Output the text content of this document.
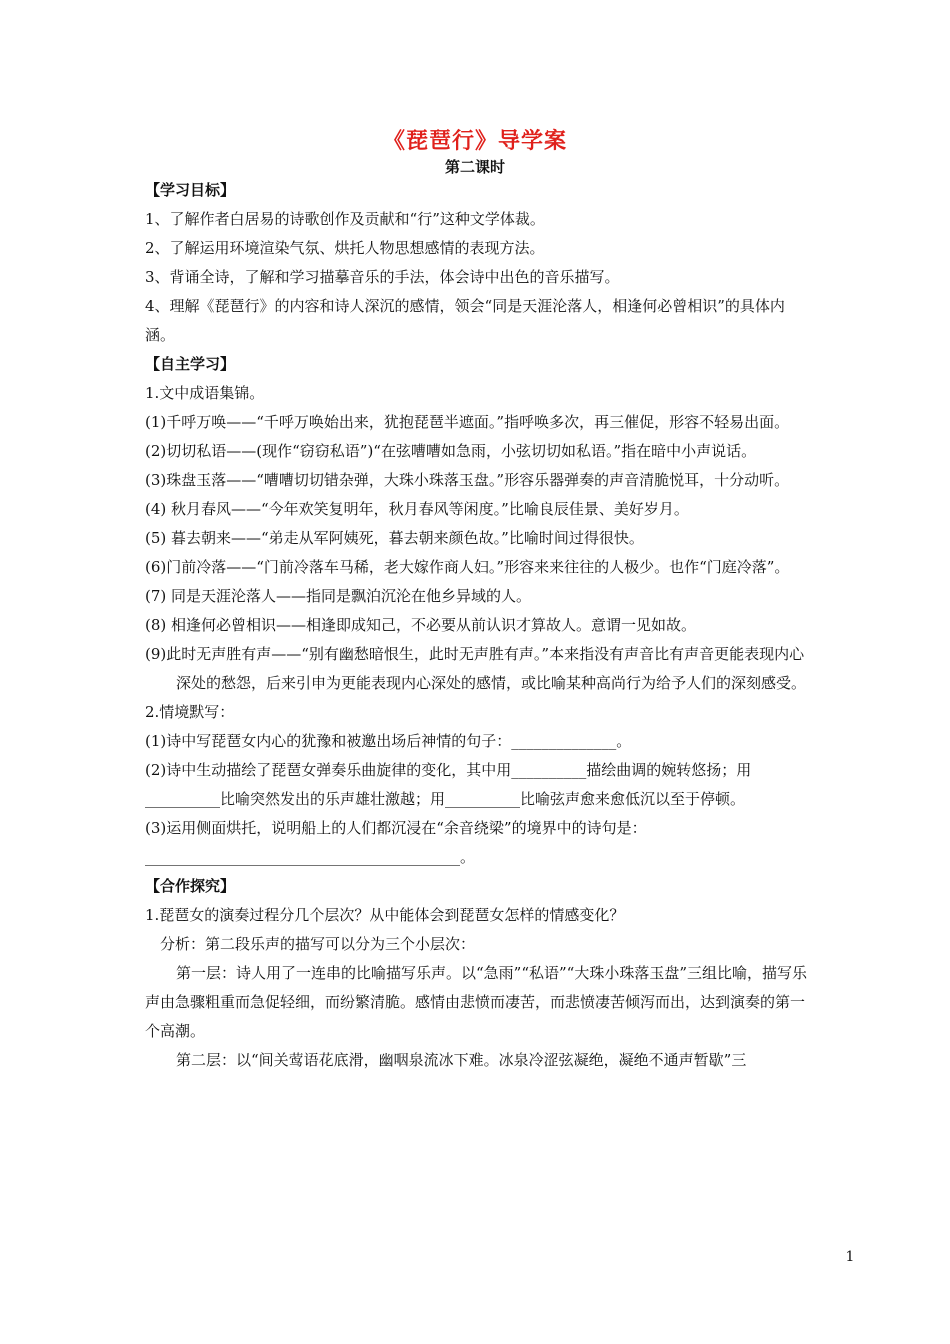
《琵琶行》导学案
第二课时

【学习目标】

1、了解作者白居易的诗歌创作及贡献和“行”这种文学体裁。

2、了解运用环境渲染气氛、烘托人物思想感情的表现方法。

3、背诵全诗，了解和学习描摹音乐的手法，体会诗中出色的音乐描写。

4、理解《琵琶行》的内容和诗人深沉的感情，领会“同是天涯沦落人，相逢何必曾相识”的具体内涵。

【自主学习】

1.文中成语集锦。

(1)千呼万唤——“千呼万唤始出来，犹抱琵琶半遮面。”指呼唤多次，再三催促，形容不轻易出面。

(2)切切私语——(现作“窃窃私语”)“在弦嘈嘈如急雨，小弦切切如私语。”指在暗中小声说话。

(3)珠盘玉落——“嘈嘈切切错杂弹，大珠小珠落玉盘。”形容乐器弹奏的声音清脆悦耳，十分动听。

(4) 秋月春风——“今年欢笑复明年，秋月春风等闲度。”比喻良辰佳景、美好岁月。

(5) 暮去朝来——“弟走从军阿姨死，暮去朝来颜色故。”比喻时间过得很快。

(6)门前冷落——“门前冷落车马稀，老大嫁作商人妇。”形容来来往往的人极少。也作“门庭冷落”。

(7) 同是天涯沦落人——指同是飘泊沉沦在他乡异域的人。

(8) 相逢何必曾相识——相逢即成知己，不必要从前认识才算故人。意谓一见如故。

(9)此时无声胜有声——“别有幽愁暗恨生，此时无声胜有声。”本来指没有声音比有声音更能表现内心深处的愁怨，后来引申为更能表现内心深处的感情，或比喻某种高尚行为给予人们的深刻感受。

2.情境默写：

(1)诗中写琵琶女内心的犹豫和被邀出场后神情的句子：______________。

(2)诗中生动描绘了琵琶女弹奏乐曲旋律的变化，其中用__________描绘曲调的婉转悠扬；用__________比喻突然发出的乐声雄壮激越；用__________比喻弦声愈来愈低沉以至于停顿。

(3)运用侧面烘托，说明船上的人们都沉浸在“余音绕梁”的境界中的诗句是：__________________________________________。

【合作探究】

1.琵琶女的演奏过程分几个层次？从中能体会到琵琶女怎样的情感变化？

分析：第二段乐声的描写可以分为三个小层次：

第一层：诗人用了一连串的比喻描写乐声。以“急雨”“私语”“大珠小珠落玉盘”三组比喻，描写乐声由急骤粗重而急促轻细，而纷繁清脆。感情由悲愤而凄苦，而悲愤凄苦倾泻而出，达到演奏的第一个高潮。

第二层：以“间关莺语花底滑，幽咽泉流冰下难。冰泉冷涩弦凝绝，凝绝不通声暂歇”三

1
